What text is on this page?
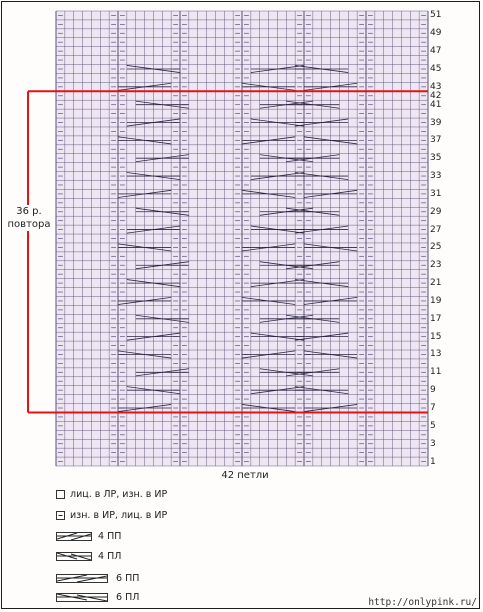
1
3
5
7
9
11
13
15
17
19
21
23
25
27
29
31
33
35
37
39
41
42
43
45
47
49
51
36 р.
повтора
42 петли
лиц. в ЛР, изн. в ИР
изн. в ИР, лиц. в ИР
4 ПП
4 ПЛ
6 ПП
6 ПЛ	http://onlypink.ru/
